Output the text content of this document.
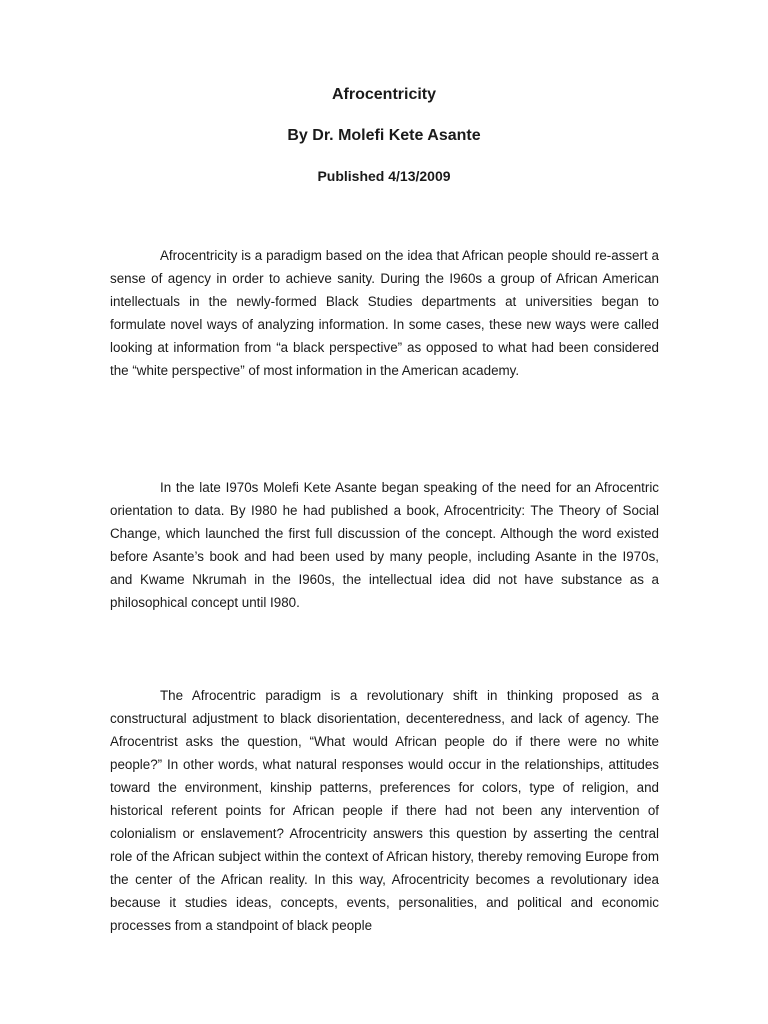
Afrocentricity
By Dr. Molefi Kete Asante
Published 4/13/2009

Afrocentricity is a paradigm based on the idea that African people should re-assert a sense of agency in order to achieve sanity. During the I960s a group of African American intellectuals in the newly-formed Black Studies departments at universities began to formulate novel ways of analyzing information. In some cases, these new ways were called looking at information from “a black perspective” as opposed to what had been considered the “white perspective” of most information in the American academy.

In the late I970s Molefi Kete Asante began speaking of the need for an Afrocentric orientation to data. By I980 he had published a book, Afrocentricity: The Theory of Social Change, which launched the first full discussion of the concept. Although the word existed before Asante’s book and had been used by many people, including Asante in the I970s, and Kwame Nkrumah in the I960s, the intellectual idea did not have substance as a philosophical concept until I980.

The Afrocentric paradigm is a revolutionary shift in thinking proposed as a constructural adjustment to black disorientation, decenteredness, and lack of agency. The Afrocentrist asks the question, “What would African people do if there were no white people?” In other words, what natural responses would occur in the relationships, attitudes toward the environment, kinship patterns, preferences for colors, type of religion, and historical referent points for African people if there had not been any intervention of colonialism or enslavement? Afrocentricity answers this question by asserting the central role of the African subject within the context of African history, thereby removing Europe from the center of the African reality. In this way, Afrocentricity becomes a revolutionary idea because it studies ideas, concepts, events, personalities, and political and economic processes from a standpoint of black people
